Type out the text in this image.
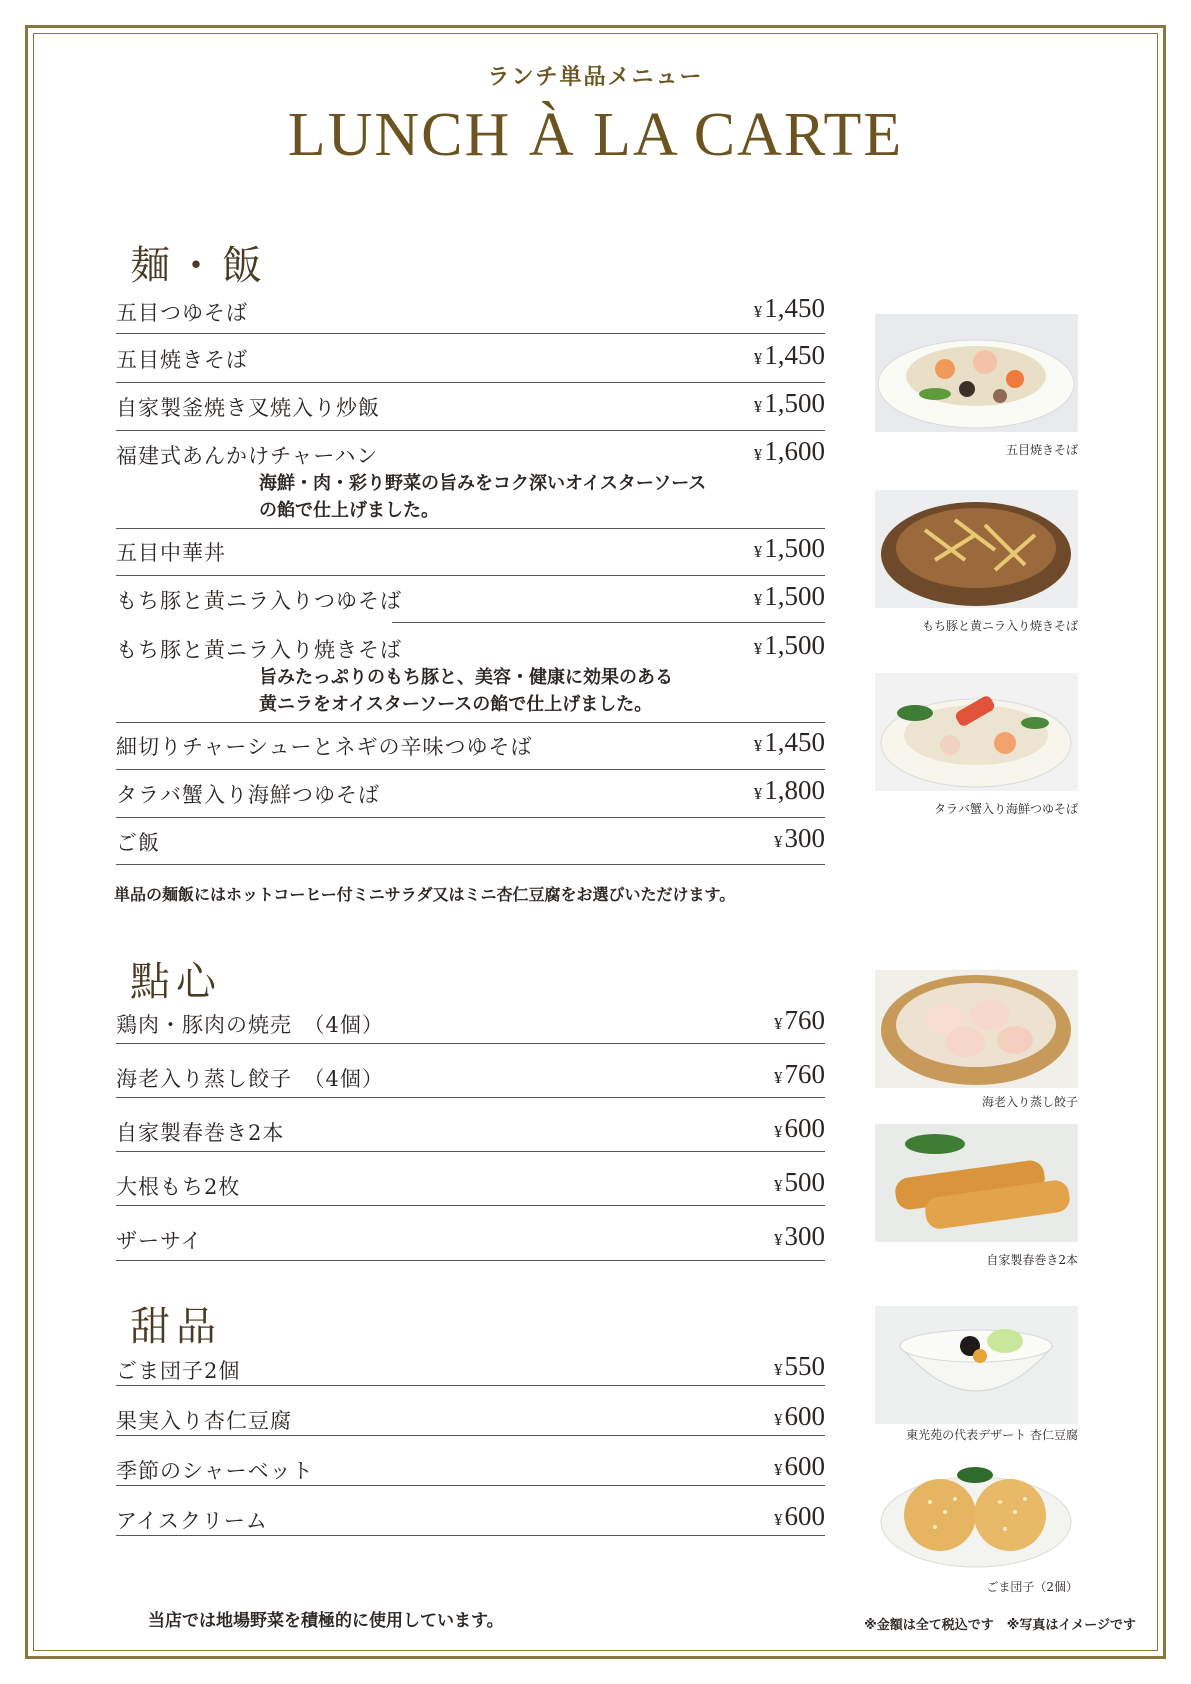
ランチ単品メニュー
LUNCH À LA CARTE
麺・飯
五目つゆそば	¥1,450
五目焼きそば	¥1,450
自家製釜焼き叉焼入り炒飯	¥1,500
福建式あんかけチャーハン	¥1,600
海鮮・肉・彩り野菜の旨みをコク深いオイスターソース
の餡で仕上げました。
五目中華丼	¥1,500
もち豚と黄ニラ入りつゆそば	¥1,500
もち豚と黄ニラ入り焼きそば	¥1,500
旨みたっぷりのもち豚と、美容・健康に効果のある
黄ニラをオイスターソースの餡で仕上げました。
細切りチャーシューとネギの辛味つゆそば	¥1,450
タラバ蟹入り海鮮つゆそば	¥1,800
ご飯	¥300
単品の麺飯にはホットコーヒー付ミニサラダ又はミニ杏仁豆腐をお選びいただけます。
點心
鶏肉・豚肉の焼売　（4個）	¥760
海老入り蒸し餃子　（4個）	¥760
自家製春巻き2本	¥600
大根もち2枚	¥500
ザーサイ	¥300
甜品
ごま団子2個	¥550
果実入り杏仁豆腐	¥600
季節のシャーベット	¥600
アイスクリーム	¥600
五目焼きそば
もち豚と黄ニラ入り焼きそば
タラバ蟹入り海鮮つゆそば
海老入り蒸し餃子
自家製春巻き2本
東光苑の代表デザート 杏仁豆腐
ごま団子（2個）
当店では地場野菜を積極的に使用しています。	※金額は全て税込です　※写真はイメージです
